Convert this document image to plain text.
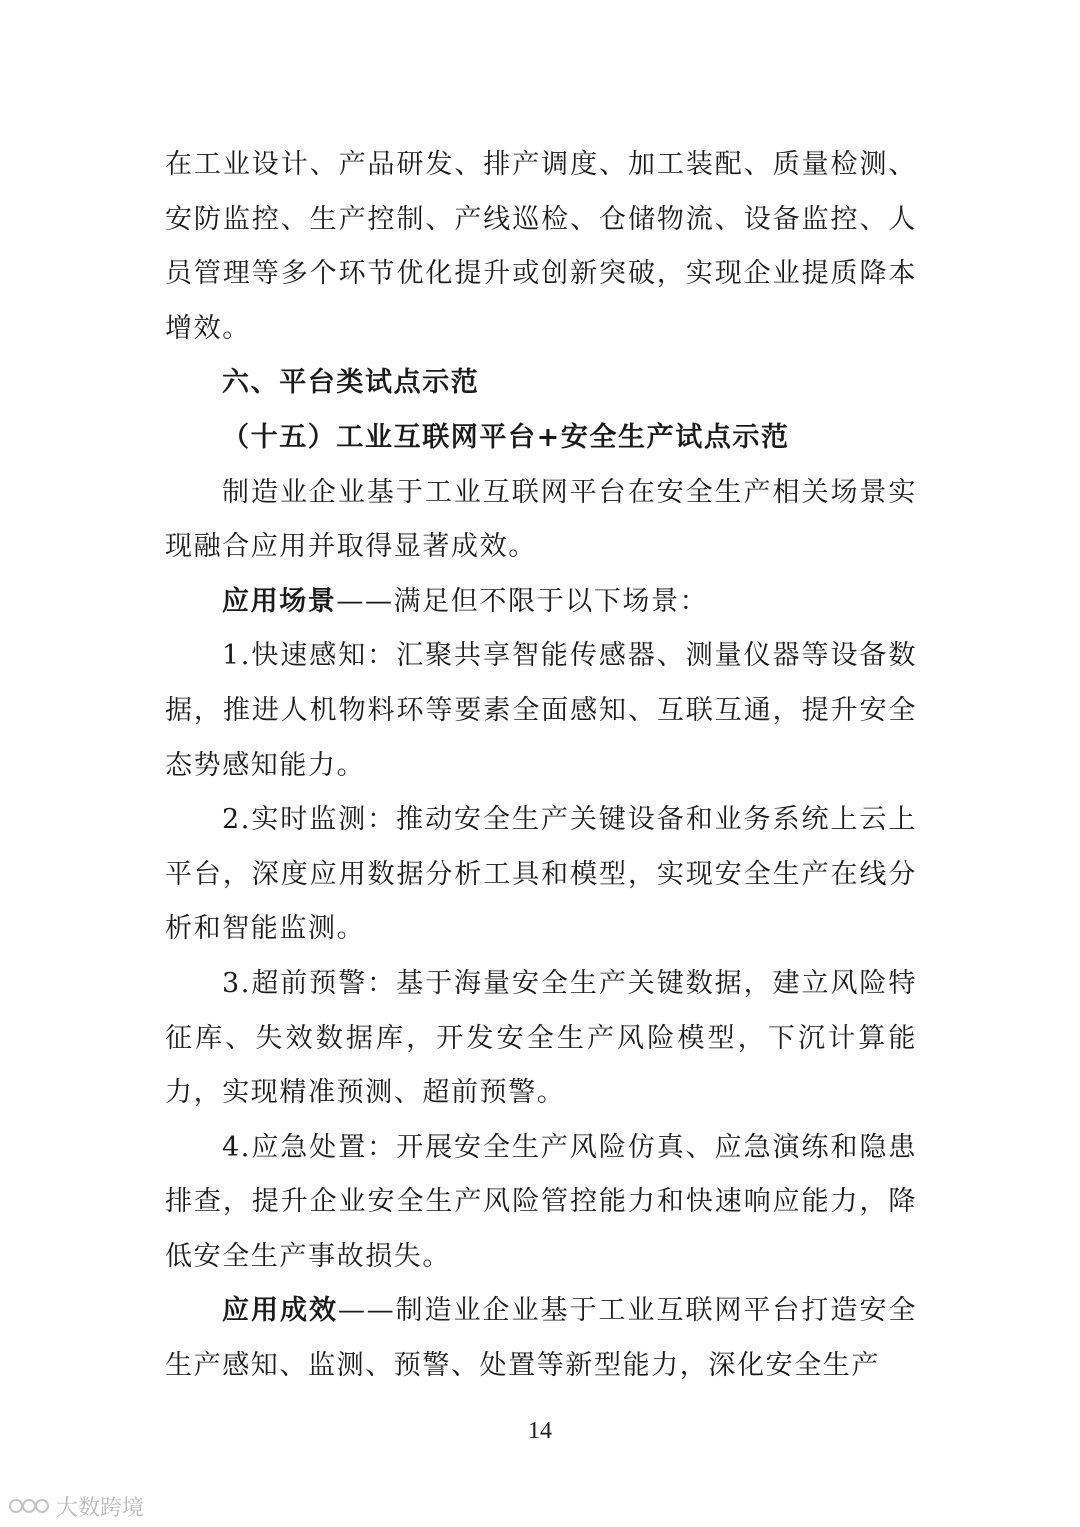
在工业设计、产品研发、排产调度、加工装配、质量检测、安防监控、生产控制、产线巡检、仓储物流、设备监控、人员管理等多个环节优化提升或创新突破，实现企业提质降本增效。

六、平台类试点示范

（十五）工业互联网平台+安全生产试点示范

制造业企业基于工业互联网平台在安全生产相关场景实现融合应用并取得显著成效。

应用场景——满足但不限于以下场景：

1.快速感知：汇聚共享智能传感器、测量仪器等设备数据，推进人机物料环等要素全面感知、互联互通，提升安全态势感知能力。

2.实时监测：推动安全生产关键设备和业务系统上云上平台，深度应用数据分析工具和模型，实现安全生产在线分析和智能监测。

3.超前预警：基于海量安全生产关键数据，建立风险特征库、失效数据库，开发安全生产风险模型，下沉计算能力，实现精准预测、超前预警。

4.应急处置：开展安全生产风险仿真、应急演练和隐患排查，提升企业安全生产风险管控能力和快速响应能力，降低安全生产事故损失。

应用成效——制造业企业基于工业互联网平台打造安全生产感知、监测、预警、处置等新型能力，深化安全生产

14
大数跨境
